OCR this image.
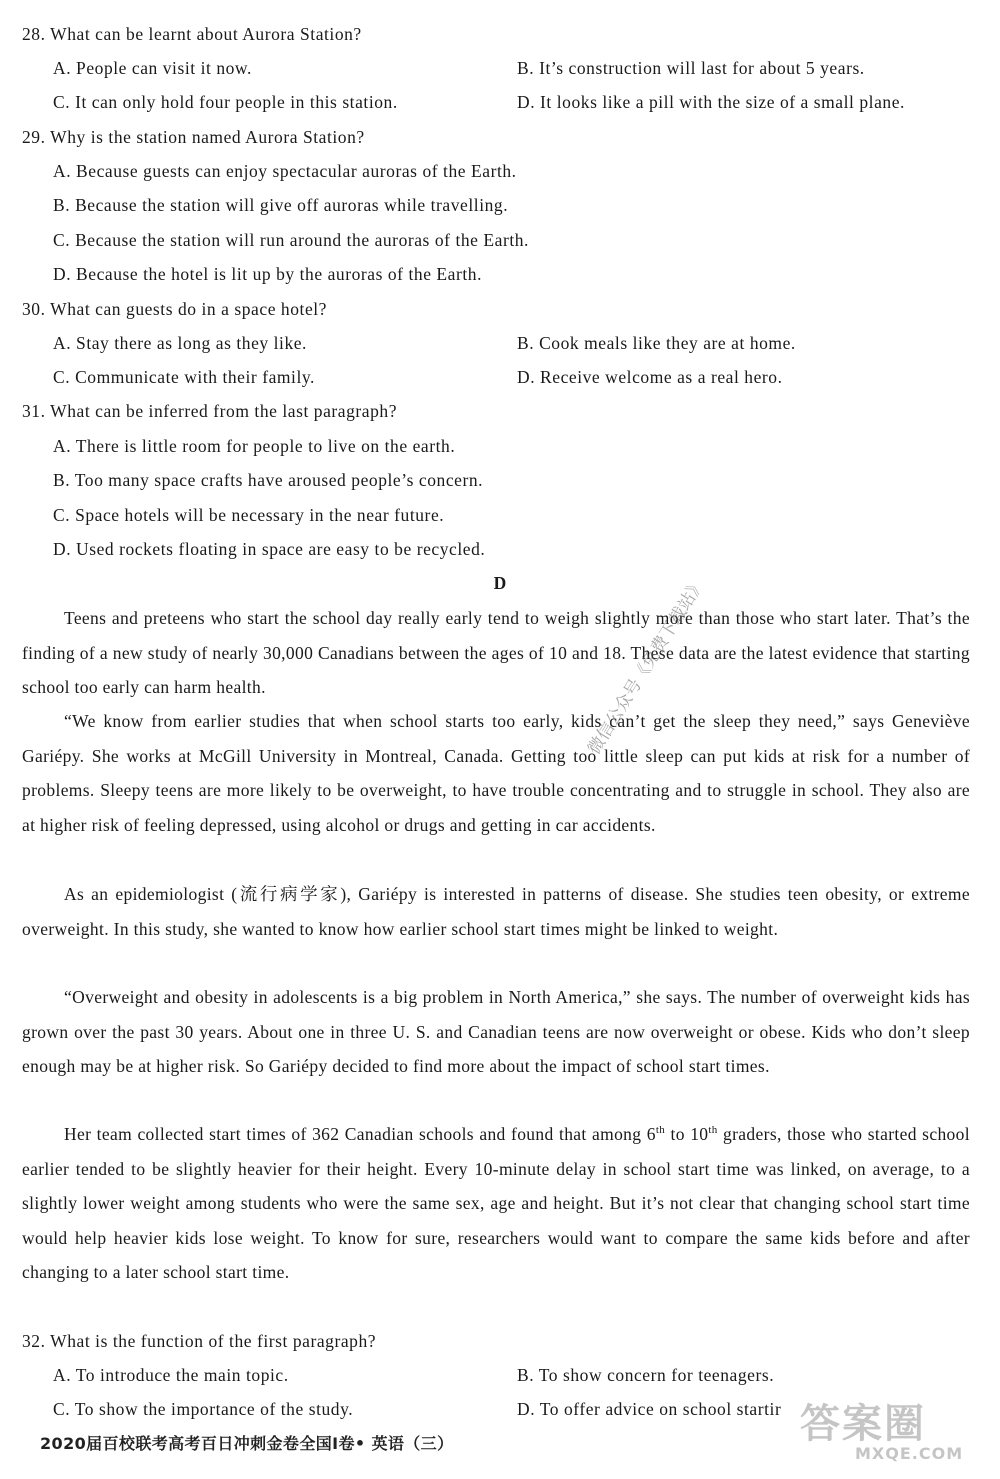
28. What can be learnt about Aurora Station?
A. People can visit it now.	B. It’s construction will last for about 5 years.
C. It can only hold four people in this station.	D. It looks like a pill with the size of a small plane.
29. Why is the station named Aurora Station?
A. Because guests can enjoy spectacular auroras of the Earth.
B. Because the station will give off auroras while travelling.
C. Because the station will run around the auroras of the Earth.
D. Because the hotel is lit up by the auroras of the Earth.
30. What can guests do in a space hotel?
A. Stay there as long as they like.	B. Cook meals like they are at home.
C. Communicate with their family.	D. Receive welcome as a real hero.
31. What can be inferred from the last paragraph?
A. There is little room for people to live on the earth.
B. Too many space crafts have aroused people’s concern.
C. Space hotels will be necessary in the near future.
D. Used rockets floating in space are easy to be recycled.
D
Teens and preteens who start the school day really early tend to weigh slightly more than those who start later. That’s the finding of a new study of nearly 30,000 Canadians between the ages of 10 and 18. These data are the latest evidence that starting school too early can harm health.
“We know from earlier studies that when school starts too early, kids can’t get the sleep they need,” says Geneviève Gariépy. She works at McGill University in Montreal, Canada. Getting too little sleep can put kids at risk for a number of problems. Sleepy teens are more likely to be overweight, to have trouble concentrating and to struggle in school. They also are at higher risk of feeling depressed, using alcohol or drugs and getting in car accidents.
As an epidemiologist (流行病学家), Gariépy is interested in patterns of disease. She studies teen obesity, or extreme overweight. In this study, she wanted to know how earlier school start times might be linked to weight.
“Overweight and obesity in adolescents is a big problem in North America,” she says. The number of overweight kids has grown over the past 30 years. About one in three U. S. and Canadian teens are now overweight or obese. Kids who don’t sleep enough may be at higher risk. So Gariépy decided to find more about the impact of school start times.
Her team collected start times of 362 Canadian schools and found that among 6th to 10th graders, those who started school earlier tended to be slightly heavier for their height. Every 10-minute delay in school start time was linked, on average, to a slightly lower weight among students who were the same sex, age and height. But it’s not clear that changing school start time would help heavier kids lose weight. To know for sure, researchers would want to compare the same kids before and after changing to a later school start time.
32. What is the function of the first paragraph?
A. To introduce the main topic.	B. To show concern for teenagers.
C. To show the importance of the study.	D. To offer advice on school startir
2020届百校联考高考百日冲刺金卷全国Ⅰ卷• 英语（三）
微信公众号《免费下载站》
答案圈
MXQE.COM
